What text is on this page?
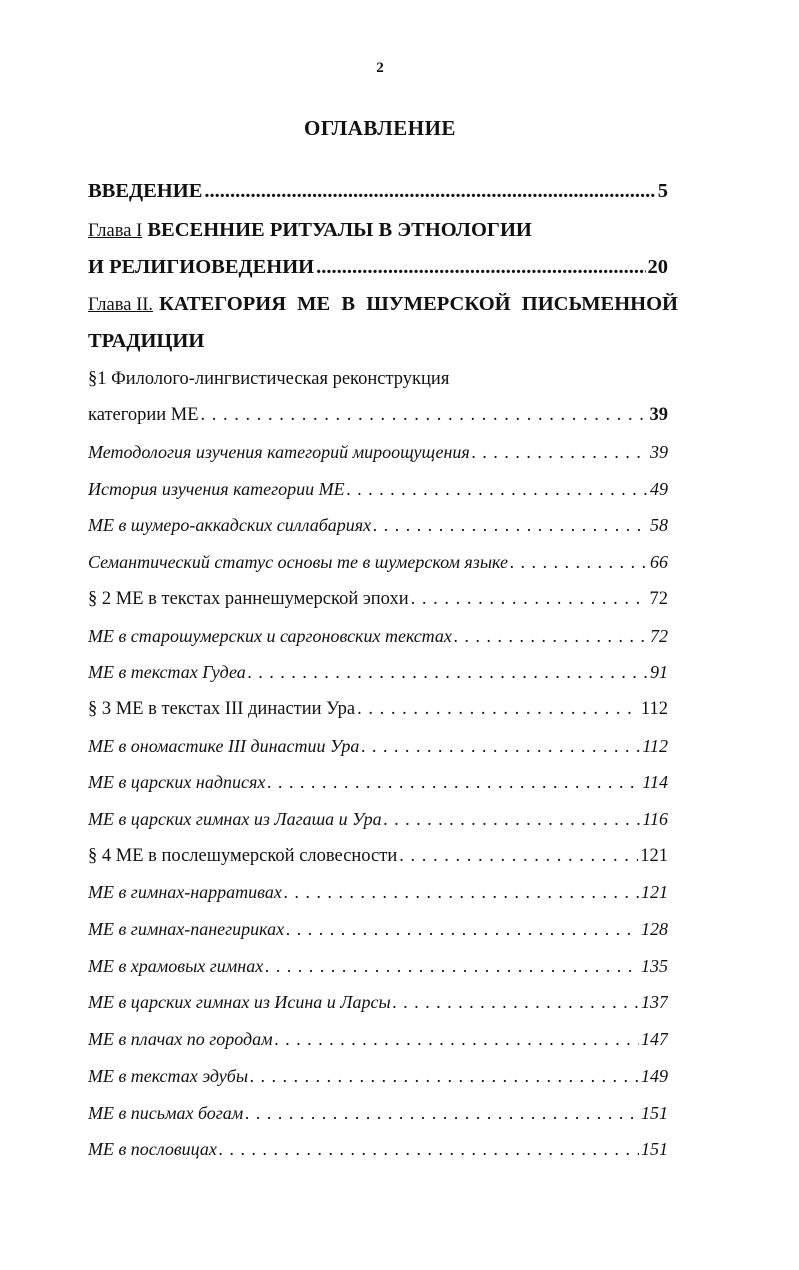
2
ОГЛАВЛЕНИЕ
ВВЕДЕНИЕ .....	5
Глава I ВЕСЕННИЕ РИТУАЛЫ В ЭТНОЛОГИИ
И РЕЛИГИОВЕДЕНИИ .....	20
Глава II. КАТЕГОРИЯ МЕ В ШУМЕРСКОЙ ПИСЬМЕННОЙ
ТРАДИЦИИ
§1 Филолого-лингвистическая реконструкция
категории МЕ . . .	39
Методология изучения категорий мироощущения . . .	39
История изучения категории МЕ . . .	49
МЕ в шумеро-аккадских силлабариях . . .	58
Семантический статус основы me в шумерском языке . . .	66
§ 2 МЕ в текстах раннешумерской эпохи . . .	72
МЕ в старошумерских и саргоновских текстах . . .	72
МЕ в текстах Гудеа . . .	91
§ 3 МЕ в текстах III династии Ура . . .	112
МЕ в ономастике III династии Ура . . .	112
МЕ в царских надписях . . .	114
МЕ в царских гимнах из Лагаша и Ура . . .	116
§ 4 МЕ в послешумерской словесности . . .	121
МЕ в гимнах-нарративах . . .	121
МЕ в гимнах-панегириках . . .	128
МЕ в храмовых гимнах . . .	135
МЕ в царских гимнах из Исина и Ларсы . . .	137
МЕ в плачах по городам . . .	147
МЕ в текстах эдубы . . .	149
МЕ в письмах богам . . .	151
МЕ в пословицах . . .	151
